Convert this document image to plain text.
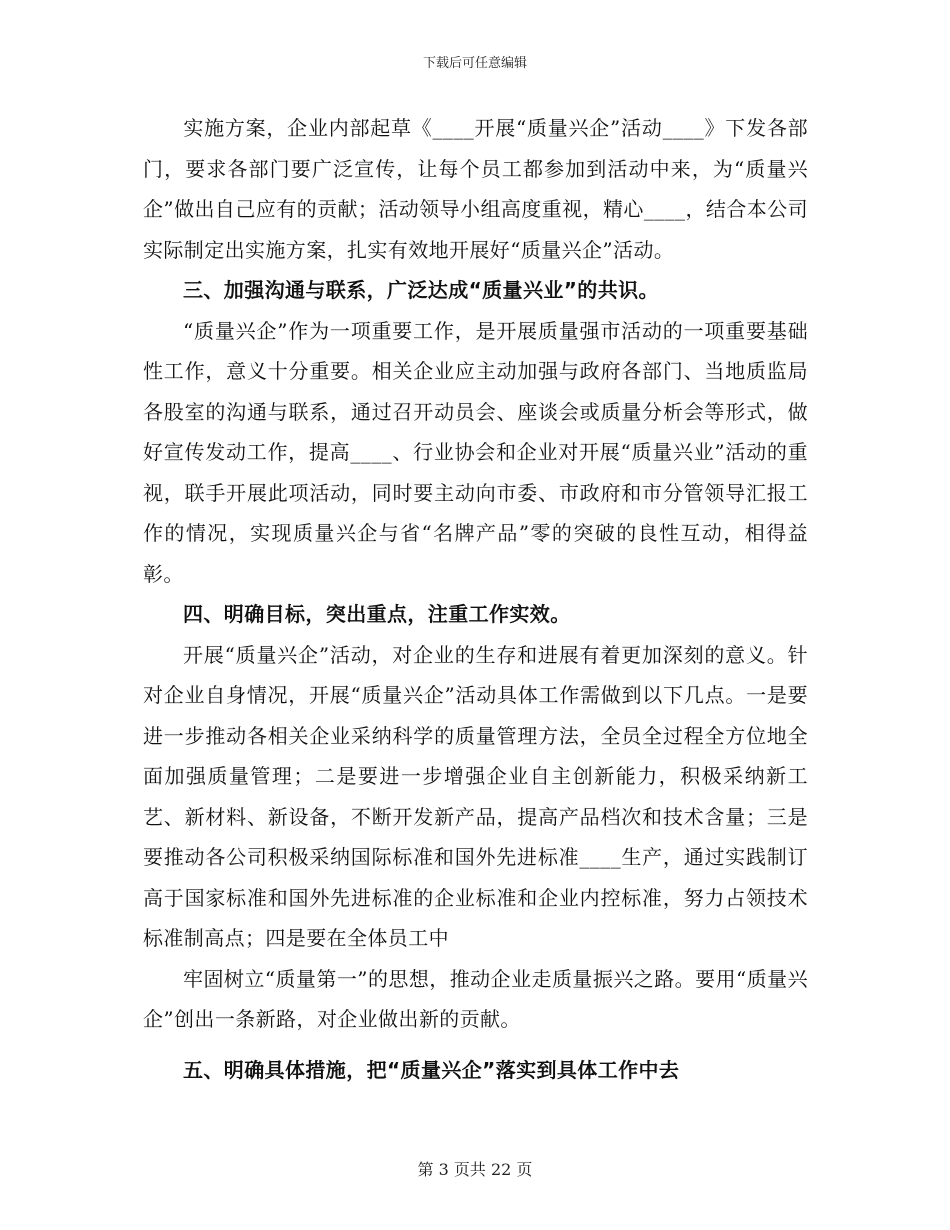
下载后可任意编辑

实施方案，企业内部起草《____开展“质量兴企”活动____》下发各部门，要求各部门要广泛宣传，让每个员工都参加到活动中来，为“质量兴企”做出自己应有的贡献；活动领导小组高度重视，精心____，结合本公司实际制定出实施方案，扎实有效地开展好“质量兴企”活动。

三、加强沟通与联系，广泛达成“质量兴业”的共识。

“质量兴企”作为一项重要工作，是开展质量强市活动的一项重要基础性工作，意义十分重要。相关企业应主动加强与政府各部门、当地质监局各股室的沟通与联系，通过召开动员会、座谈会或质量分析会等形式，做好宣传发动工作，提高____、行业协会和企业对开展“质量兴业”活动的重视，联手开展此项活动，同时要主动向市委、市政府和市分管领导汇报工作的情况，实现质量兴企与省“名牌产品”零的突破的良性互动，相得益彰。

四、明确目标，突出重点，注重工作实效。

开展“质量兴企”活动，对企业的生存和进展有着更加深刻的意义。针对企业自身情况，开展“质量兴企”活动具体工作需做到以下几点。一是要进一步推动各相关企业采纳科学的质量管理方法，全员全过程全方位地全面加强质量管理；二是要进一步增强企业自主创新能力，积极采纳新工艺、新材料、新设备，不断开发新产品，提高产品档次和技术含量；三是要推动各公司积极采纳国际标准和国外先进标准____生产，通过实践制订高于国家标准和国外先进标准的企业标准和企业内控标准，努力占领技术标准制高点；四是要在全体员工中

牢固树立“质量第一”的思想，推动企业走质量振兴之路。要用“质量兴企”创出一条新路，对企业做出新的贡献。

五、明确具体措施，把“质量兴企”落实到具体工作中去

第 3 页共 22 页
